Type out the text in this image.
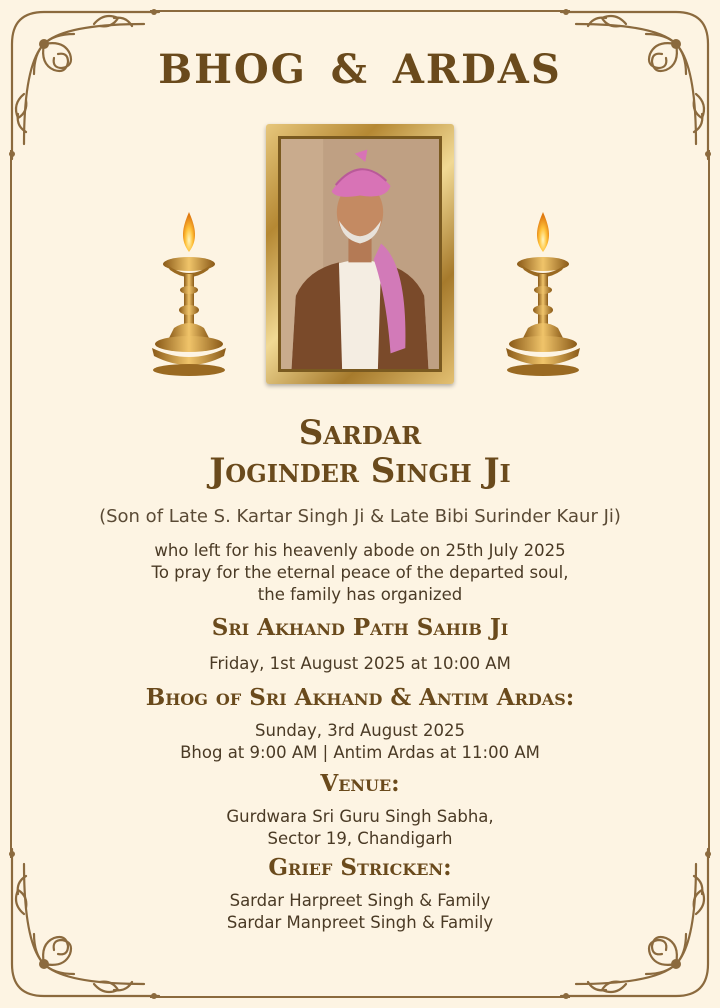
BHOG & ARDAS
Sardar
Joginder Singh Ji
(Son of Late S. Kartar Singh Ji & Late Bibi Surinder Kaur Ji)
who left for his heavenly abode on 25th July 2025
To pray for the eternal peace of the departed soul,
the family has organized
Sri Akhand Path Sahib Ji
Friday, 1st August 2025 at 10:00 AM
Bhog of Sri Akhand & Antim Ardas:
Sunday, 3rd August 2025
Bhog at 9:00 AM | Antim Ardas at 11:00 AM
Venue:
Gurdwara Sri Guru Singh Sabha,
Sector 19, Chandigarh
Grief Stricken:
Sardar Harpreet Singh & Family
Sardar Manpreet Singh & Family
